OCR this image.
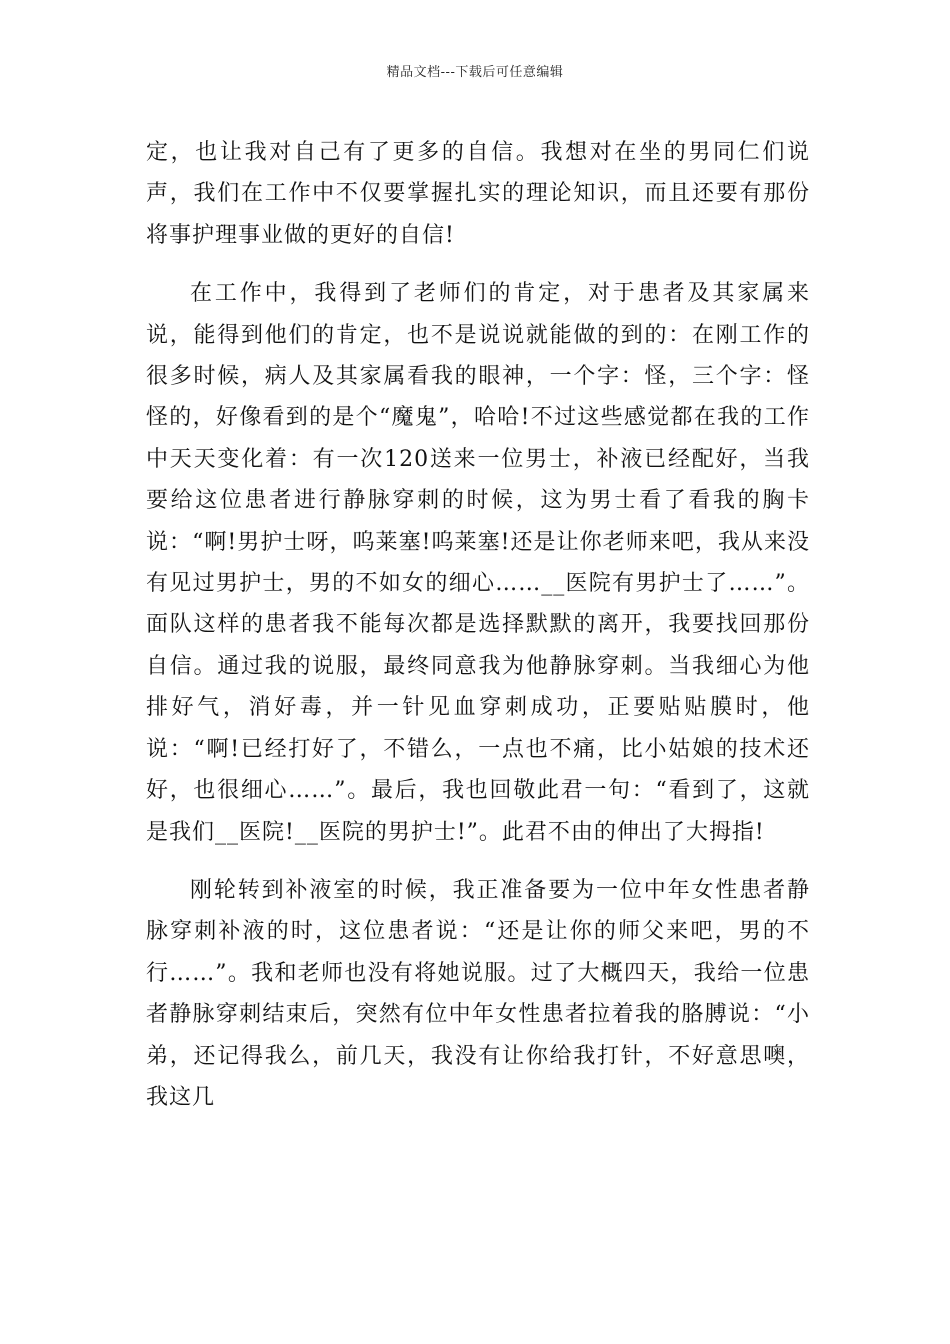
精品文档---下载后可任意编辑

定，也让我对自己有了更多的自信。我想对在坐的男同仁们说声，我们在工作中不仅要掌握扎实的理论知识，而且还要有那份将事护理事业做的更好的自信!

在工作中，我得到了老师们的肯定，对于患者及其家属来说，能得到他们的肯定，也不是说说就能做的到的：在刚工作的很多时候，病人及其家属看我的眼神，一个字：怪，三个字：怪怪的，好像看到的是个“魔鬼”，哈哈!不过这些感觉都在我的工作中天天变化着：有一次120送来一位男士，补液已经配好，当我要给这位患者进行静脉穿刺的时候，这为男士看了看我的胸卡说：“啊!男护士呀，呜莱塞!呜莱塞!还是让你老师来吧，我从来没有见过男护士，男的不如女的细心……__医院有男护士了……”。面队这样的患者我不能每次都是选择默默的离开，我要找回那份自信。通过我的说服，最终同意我为他静脉穿刺。当我细心为他排好气，消好毒，并一针见血穿刺成功，正要贴贴膜时，他说：“啊!已经打好了，不错么，一点也不痛，比小姑娘的技术还好，也很细心……”。最后，我也回敬此君一句：“看到了，这就是我们__医院!__医院的男护士!”。此君不由的伸出了大拇指!

刚轮转到补液室的时候，我正准备要为一位中年女性患者静脉穿刺补液的时，这位患者说：“还是让你的师父来吧，男的不行……”。我和老师也没有将她说服。过了大概四天，我给一位患者静脉穿刺结束后，突然有位中年女性患者拉着我的胳膊说：“小弟，还记得我么，前几天，我没有让你给我打针，不好意思噢，我这几
